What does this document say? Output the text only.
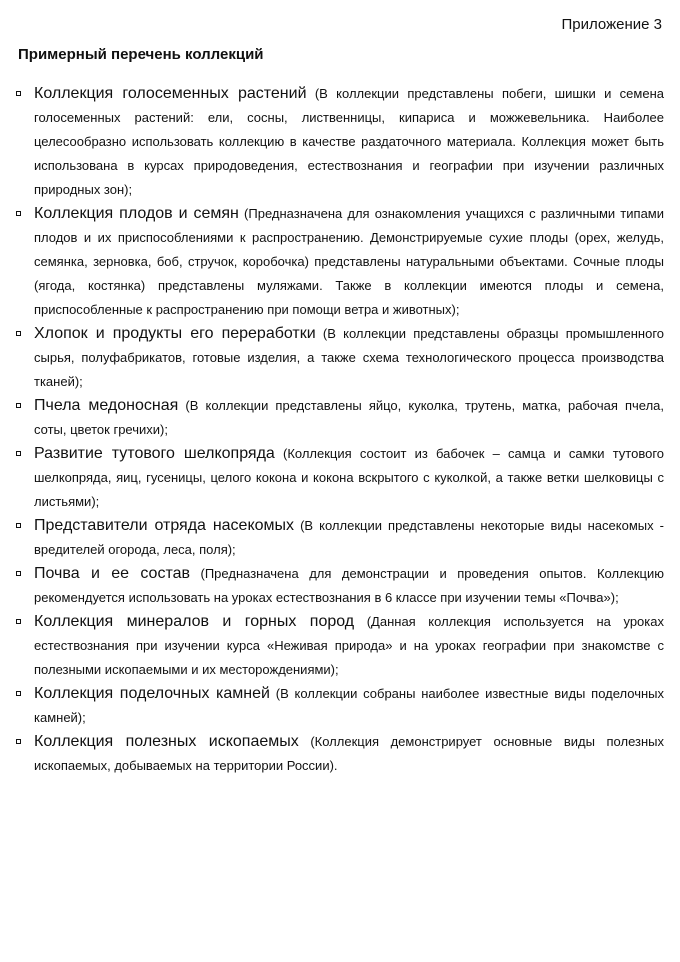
Приложение 3
Примерный перечень коллекций
Коллекция голосеменных растений (В коллекции представлены побеги, шишки и семена голосеменных растений: ели, сосны, лиственницы, кипариса и можжевельника. Наиболее целесообразно использовать коллекцию в качестве раздаточного материала. Коллекция может быть использована в курсах природоведения, естествознания и географии при изучении различных природных зон);
Коллекция плодов и семян (Предназначена для ознакомления учащихся с различными типами плодов и их приспособлениями к распространению. Демонстрируемые сухие плоды (орех, желудь, семянка, зерновка, боб, стручок, коробочка) представлены натуральными объектами. Сочные плоды (ягода, костянка) представлены муляжами. Также в коллекции имеются плоды и семена, приспособленные к распространению при помощи ветра и животных);
Хлопок и продукты его переработки (В коллекции представлены образцы промышленного сырья, полуфабрикатов, готовые изделия, а также схема технологического процесса производства тканей);
Пчела медоносная (В коллекции представлены яйцо, куколка, трутень, матка, рабочая пчела, соты, цветок гречихи);
Развитие тутового шелкопряда (Коллекция состоит из бабочек – самца и самки тутового шелкопряда, яиц, гусеницы, целого кокона и кокона вскрытого с куколкой, а также ветки шелковицы с листьями);
Представители отряда насекомых (В коллекции представлены некоторые виды насекомых - вредителей огорода, леса, поля);
Почва и ее состав (Предназначена для демонстрации и проведения опытов. Коллекцию рекомендуется использовать на уроках естествознания в 6 классе при изучении темы «Почва»);
Коллекция минералов и горных пород (Данная коллекция используется на уроках естествознания при изучении курса «Неживая природа» и на уроках географии при знакомстве с полезными ископаемыми и их месторождениями);
Коллекция поделочных камней (В коллекции собраны наиболее известные виды поделочных камней);
Коллекция полезных ископаемых (Коллекция демонстрирует основные виды полезных ископаемых, добываемых на территории России).
